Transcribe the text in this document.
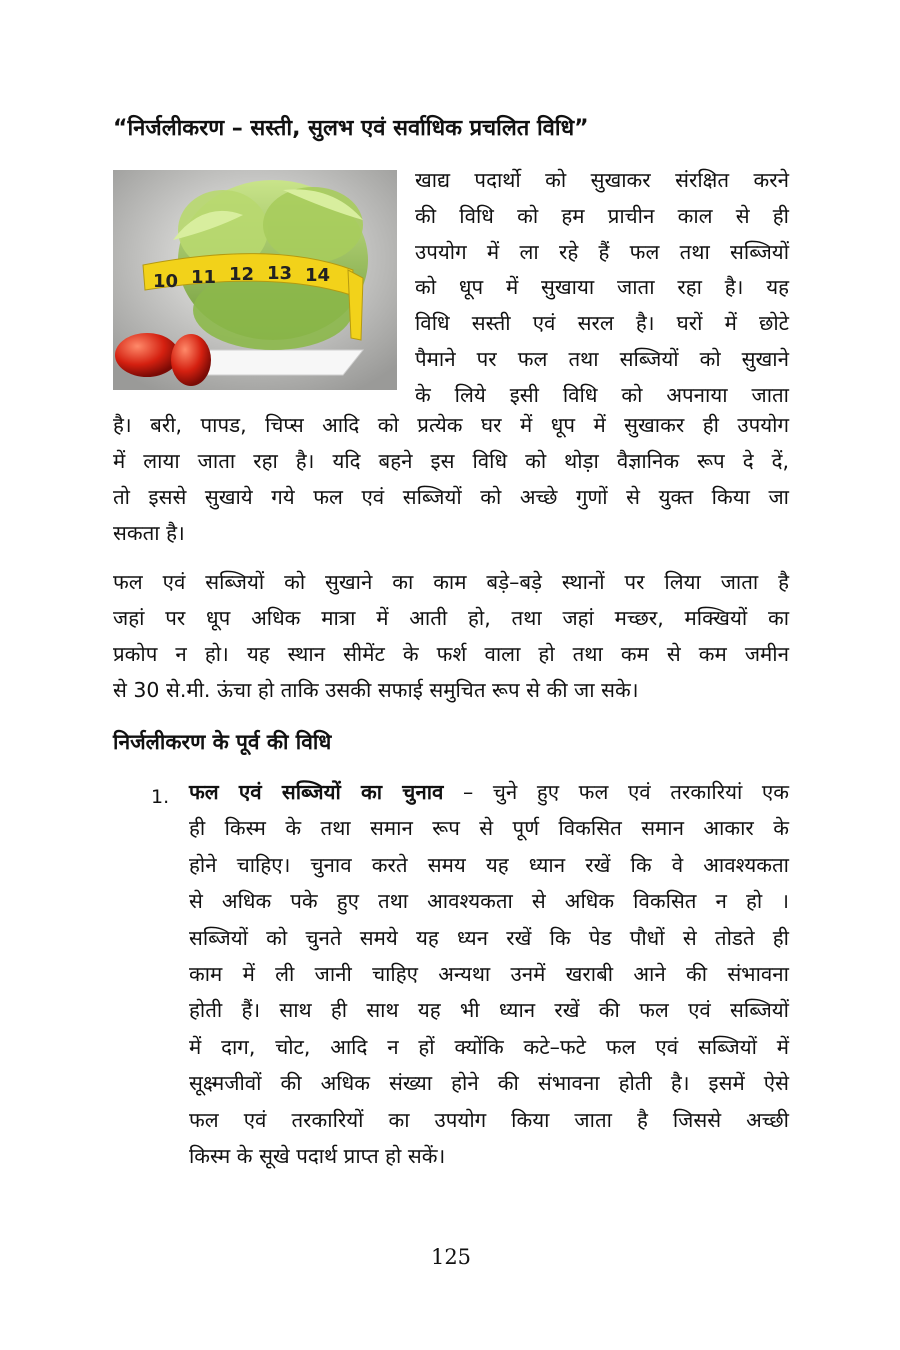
“निर्जलीकरण – सस्ती, सुलभ एवं सर्वाधिक प्रचलित विधि”
10 11 12 13 14

खाद्य पदार्थो को सुखाकर संरक्षित करने
की विधि को हम प्राचीन काल से ही
उपयोग में ला रहे हैं फल तथा सब्जियों
को धूप में सुखाया जाता रहा है। यह
विधि सस्ती एवं सरल है। घरों में छोटे
पैमाने पर फल तथा सब्जियों को सुखाने
के लिये इसी विधि को अपनाया जाता

है। बरी, पापड, चिप्स आदि को प्रत्येक घर में धूप में सुखाकर ही उपयोग
में लाया जाता रहा है। यदि बहने इस विधि को थोड़ा वैज्ञानिक रूप दे दें,
तो इससे सुखाये गये फल एवं सब्जियों को अच्छे गुणों से युक्त किया जा
सकता है।

फल एवं सब्जियों को सुखाने का काम बड़े–बड़े स्थानों पर लिया जाता है
जहां पर धूप अधिक मात्रा में आती हो, तथा जहां मच्छर, मक्खियों का
प्रकोप न हो। यह स्थान सीमेंट के फर्श वाला हो तथा कम से कम जमीन
से 30 से.मी. ऊंचा हो ताकि उसकी सफाई समुचित रूप से की जा सके।

निर्जलीकरण के पूर्व की विधि
1. फल एवं सब्जियों का चुनाव – चुने हुए फल एवं तरकारियां एक
ही किस्म के तथा समान रूप से पूर्ण विकसित समान आकार के
होने चाहिए। चुनाव करते समय यह ध्यान रखें कि वे आवश्यकता
से अधिक पके हुए तथा आवश्यकता से अधिक विकसित न हो ।
सब्जियों को चुनते समये यह ध्यन रखें कि पेड पौधों से तोडते ही
काम में ली जानी चाहिए अन्यथा उनमें खराबी आने की संभावना
होती हैं। साथ ही साथ यह भी ध्यान रखें की फल एवं सब्जियों
में दाग, चोट, आदि न हों क्योंकि कटे–फटे फल एवं सब्जियों में
सूक्ष्मजीवों की अधिक संख्या होने की संभावना होती है। इसमें ऐसे
फल एवं तरकारियों का उपयोग किया जाता है जिससे अच्छी
किस्म के सूखे पदार्थ प्राप्त हो सकें।

125
